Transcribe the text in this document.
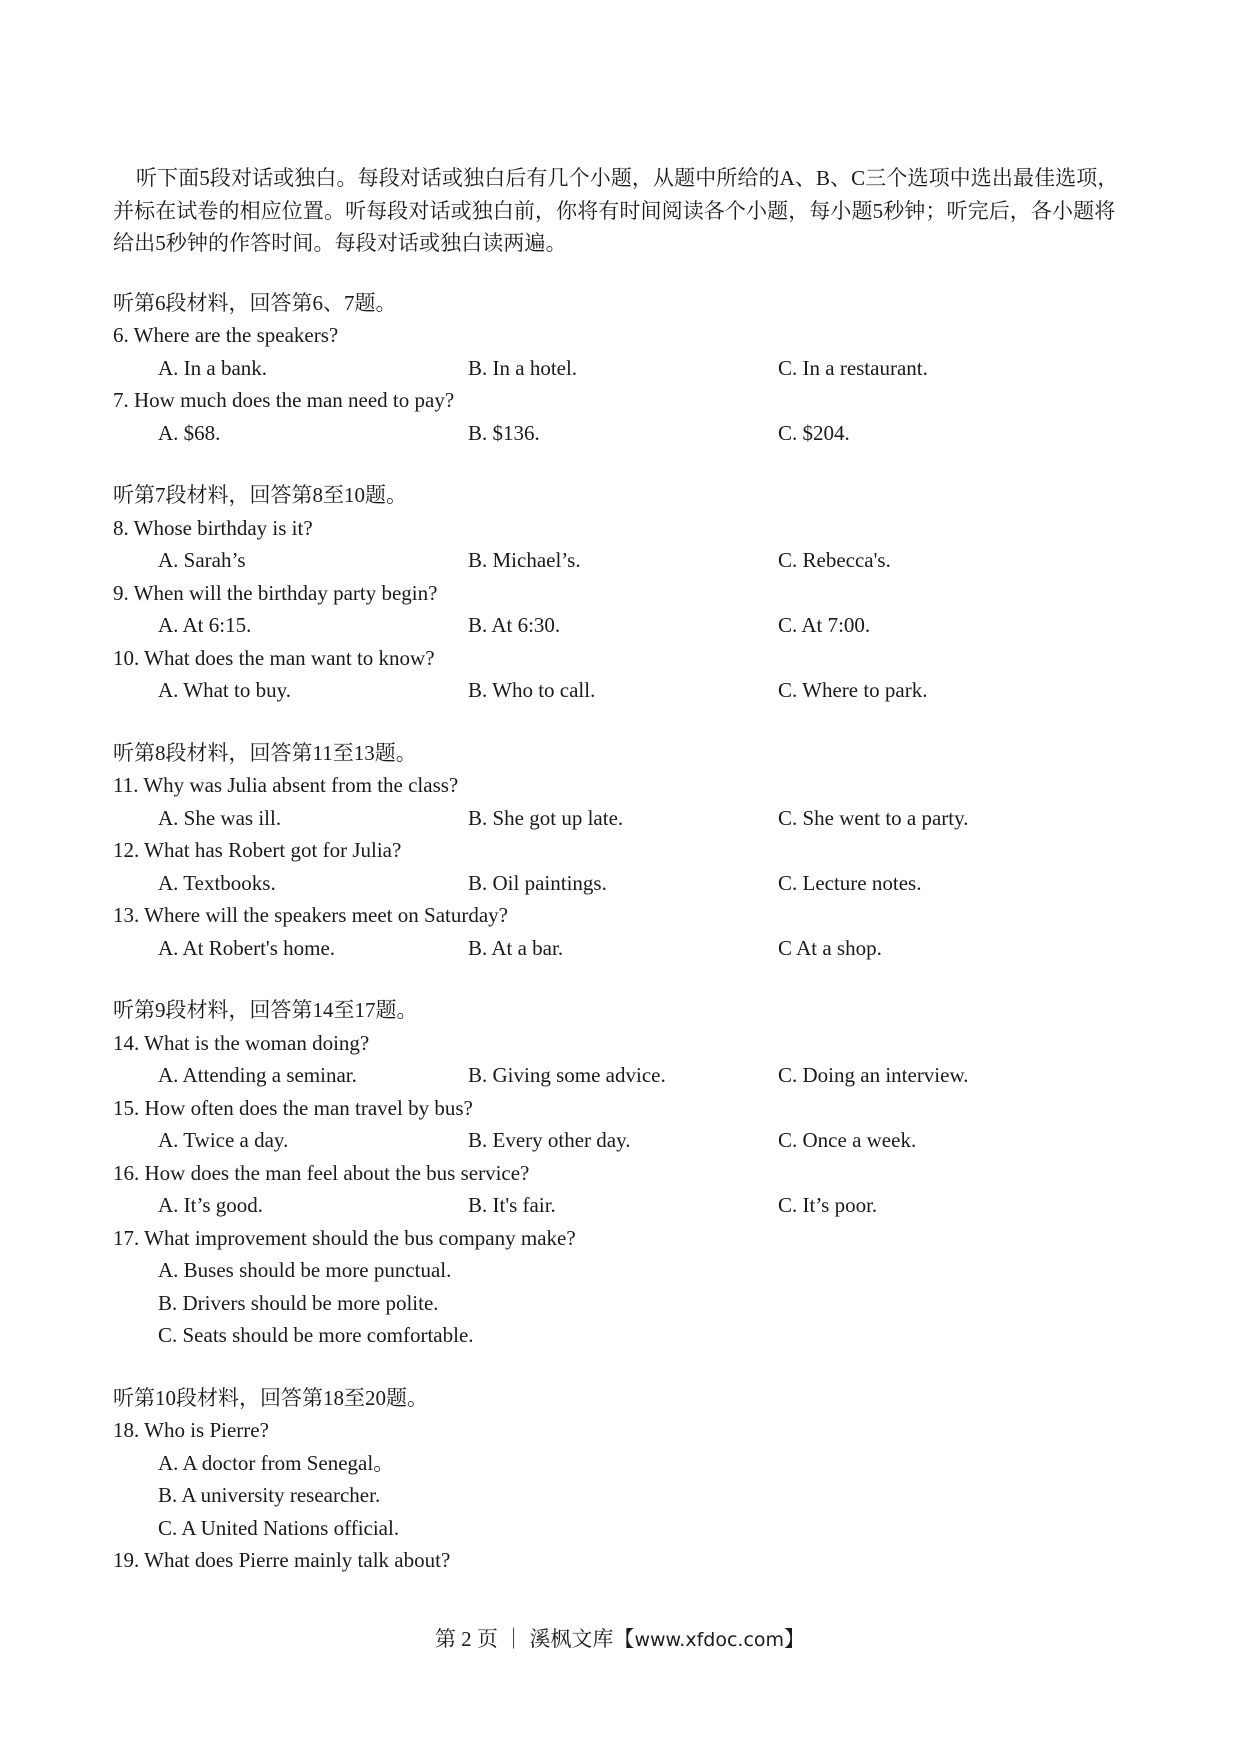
听下面5段对话或独白。每段对话或独白后有几个小题，从题中所给的A、B、C三个选项中选出最佳选项，并标在试卷的相应位置。听每段对话或独白前，你将有时间阅读各个小题，每小题5秒钟；听完后，各小题将给出5秒钟的作答时间。每段对话或独白读两遍。

听第6段材料，回答第6、7题。
6. Where are the speakers?
A. In a bank.	B. In a hotel.	C. In a restaurant.
7. How much does the man need to pay?
A. $68.	B. $136.	C. $204.
听第7段材料，回答第8至10题。
8. Whose birthday is it?
A. Sarah’s	B. Michael’s.	C. Rebecca's.
9. When will the birthday party begin?
A. At 6:15.	B. At 6:30.	C. At 7:00.
10. What does the man want to know?
A. What to buy.	B. Who to call.	C. Where to park.
听第8段材料，回答第11至13题。
11. Why was Julia absent from the class?
A. She was ill.	B. She got up late.	C. She went to a party.
12. What has Robert got for Julia?
A. Textbooks.	B. Oil paintings.	C. Lecture notes.
13. Where will the speakers meet on Saturday?
A. At Robert's home.	B. At a bar.	C At a shop.
听第9段材料，回答第14至17题。
14. What is the woman doing?
A. Attending a seminar.	B. Giving some advice.	C. Doing an interview.
15. How often does the man travel by bus?
A. Twice a day.	B. Every other day.	C. Once a week.
16. How does the man feel about the bus service?
A. It’s good.	B. It's fair.	C. It’s poor.
17. What improvement should the bus company make?
A. Buses should be more punctual.
B. Drivers should be more polite.
C. Seats should be more comfortable.
听第10段材料，回答第18至20题。
18. Who is Pierre?
A. A doctor from Senegal。
B. A university researcher.
C. A United Nations official.
19. What does Pierre mainly talk about?
第 2 页 ｜ 溪枫文库【www.xfdoc.com】
